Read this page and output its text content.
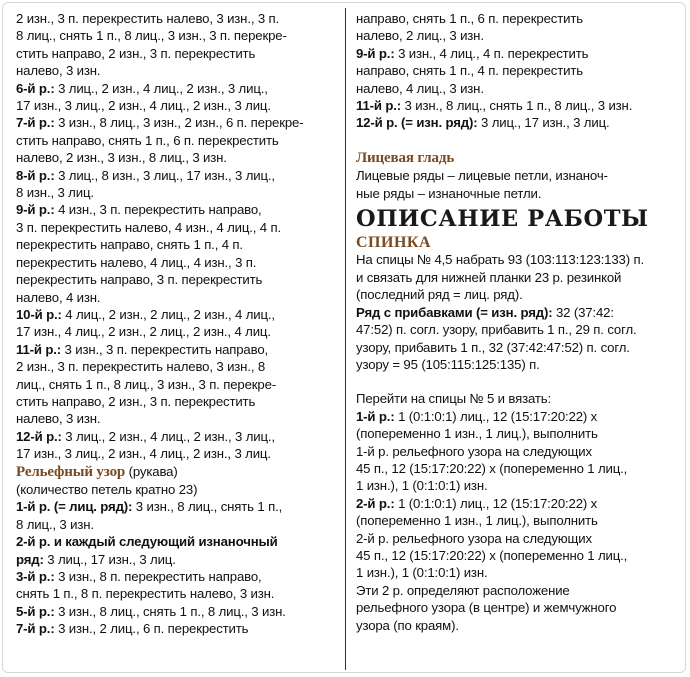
2 изн., 3 п. перекрестить налево, 3 изн., 3 п.
8 лиц., снять 1 п., 8 лиц., 3 изн., 3 п. перекре-
стить направо, 2 изн., 3 п. перекрестить
налево, 3 изн.
6-й р.: 3 лиц., 2 изн., 4 лиц., 2 изн., 3 лиц.,
17 изн., 3 лиц., 2 изн., 4 лиц., 2 изн., 3 лиц.
7-й р.: 3 изн., 8 лиц., 3 изн., 2 изн., 6 п. перекре-
стить направо, снять 1 п., 6 п. перекрестить
налево, 2 изн., 3 изн., 8 лиц., 3 изн.
8-й р.: 3 лиц., 8 изн., 3 лиц., 17 изн., 3 лиц.,
8 изн., 3 лиц.
9-й р.: 4 изн., 3 п. перекрестить направо,
3 п. перекрестить налево, 4 изн., 4 лиц., 4 п.
перекрестить направо, снять 1 п., 4 п.
перекрестить налево, 4 лиц., 4 изн., 3 п.
перекрестить направо, 3 п. перекрестить
налево, 4 изн.
10-й р.: 4 лиц., 2 изн., 2 лиц., 2 изн., 4 лиц.,
17 изн., 4 лиц., 2 изн., 2 лиц., 2 изн., 4 лиц.
11-й р.: 3 изн., 3 п. перекрестить направо,
2 изн., 3 п. перекрестить налево, 3 изн., 8
лиц., снять 1 п., 8 лиц., 3 изн., 3 п. перекре-
стить направо, 2 изн., 3 п. перекрестить
налево, 3 изн.
12-й р.: 3 лиц., 2 изн., 4 лиц., 2 изн., 3 лиц.,
17 изн., 3 лиц., 2 изн., 4 лиц., 2 изн., 3 лиц.
Рельефный узор (рукава)
(количество петель кратно 23)
1-й р. (= лиц. ряд): 3 изн., 8 лиц., снять 1 п.,
8 лиц., 3 изн.
2-й р. и каждый следующий изнаночный
ряд: 3 лиц., 17 изн., 3 лиц.
3-й р.: 3 изн., 8 п. перекрестить направо,
снять 1 п., 8 п. перекрестить налево, 3 изн.
5-й р.: 3 изн., 8 лиц., снять 1 п., 8 лиц., 3 изн.
7-й р.: 3 изн., 2 лиц., 6 п. перекрестить
направо, снять 1 п., 6 п. перекрестить
налево, 2 лиц., 3 изн.
9-й р.: 3 изн., 4 лиц., 4 п. перекрестить
направо, снять 1 п., 4 п. перекрестить
налево, 4 лиц., 3 изн.
11-й р.: 3 изн., 8 лиц., снять 1 п., 8 лиц., 3 изн.
12-й р. (= изн. ряд): 3 лиц., 17 изн., 3 лиц.
Лицевая гладь
Лицевые ряды – лицевые петли, изнаноч-
ные ряды – изнаночные петли.
ОПИСАНИЕ РАБОТЫ
СПИНКА
На спицы № 4,5 набрать 93 (103:113:123:133) п.
и связать для нижней планки 23 р. резинкой
(последний ряд = лиц. ряд).
Ряд с прибавками (= изн. ряд): 32 (37:42:
47:52) п. согл. узору, прибавить 1 п., 29 п. согл.
узору, прибавить 1 п., 32 (37:42:47:52) п. согл.
узору = 95 (105:115:125:135) п.
Перейти на спицы № 5 и вязать:
1-й р.: 1 (0:1:0:1) лиц., 12 (15:17:20:22) х
(попеременно 1 изн., 1 лиц.), выполнить
1-й р. рельефного узора на следующих
45 п., 12 (15:17:20:22) х (попеременно 1 лиц.,
1 изн.), 1 (0:1:0:1) изн.
2-й р.: 1 (0:1:0:1) лиц., 12 (15:17:20:22) х
(попеременно 1 изн., 1 лиц.), выполнить
2-й р. рельефного узора на следующих
45 п., 12 (15:17:20:22) х (попеременно 1 лиц.,
1 изн.), 1 (0:1:0:1) изн.
Эти 2 р. определяют расположение
рельефного узора (в центре) и жемчужного
узора (по краям).
